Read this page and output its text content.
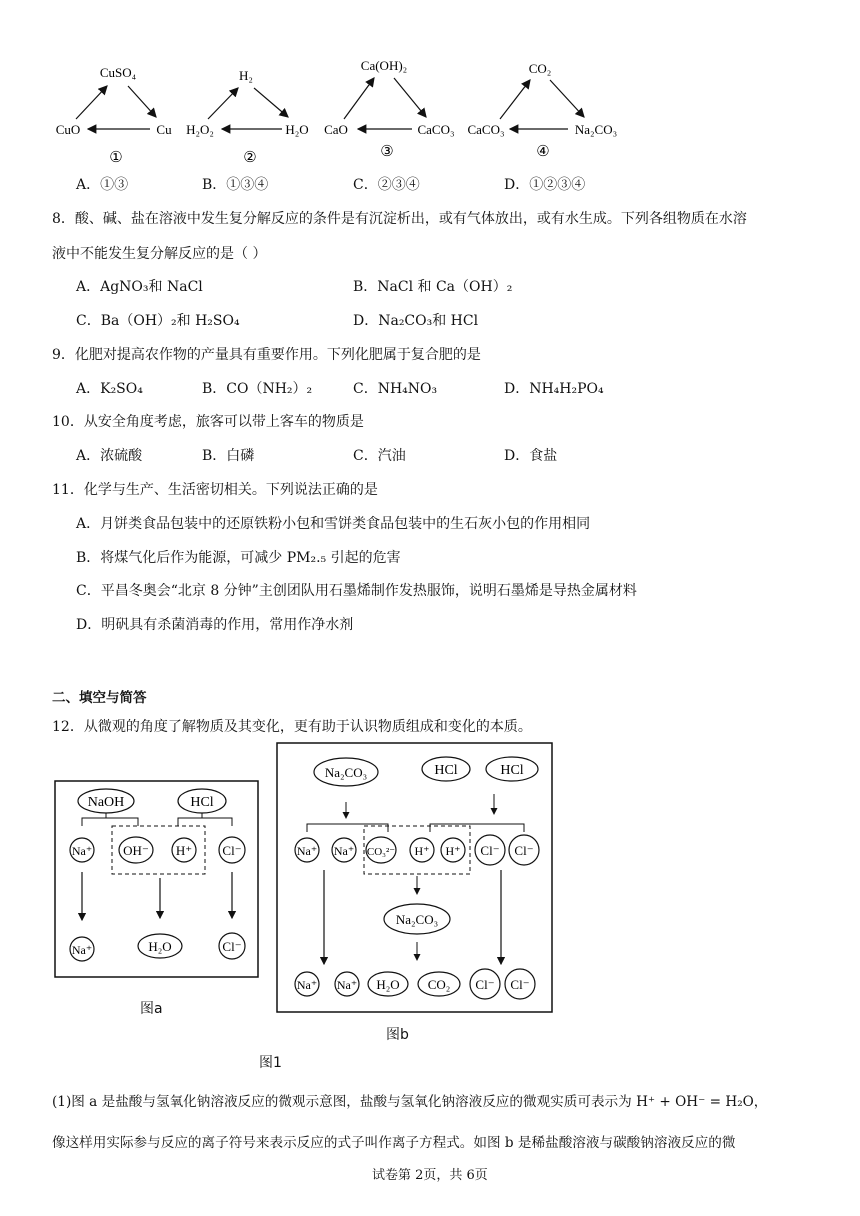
CuSO₄
CuO	Cu
①
H₂
H₂O₂	H₂O
②
Ca(OH)₂
CaO	CaCO₃
③
CO₂
CaCO₃	Na₂CO₃
④
A．①③	B．①③④	C．②③④	D．①②③④
8．酸、碱、盐在溶液中发生复分解反应的条件是有沉淀析出，或有气体放出，或有水生成。下列各组物质在水溶
液中不能发生复分解反应的是（ ）
A．AgNO₃和 NaCl	B．NaCl 和 Ca（OH）₂
C．Ba（OH）₂和 H₂SO₄	D．Na₂CO₃和 HCl
9．化肥对提高农作物的产量具有重要作用。下列化肥属于复合肥的是
A．K₂SO₄	B．CO（NH₂）₂	C．NH₄NO₃	D．NH₄H₂PO₄
10．从安全角度考虑，旅客可以带上客车的物质是
A．浓硫酸	B．白磷	C．汽油	D．食盐
11．化学与生产、生活密切相关。下列说法正确的是
A．月饼类食品包装中的还原铁粉小包和雪饼类食品包装中的生石灰小包的作用相同
B．将煤气化后作为能源，可减少 PM₂.₅ 引起的危害
C．平昌冬奥会“北京 8 分钟”主创团队用石墨烯制作发热服饰，说明石墨烯是导热金属材料
D．明矾具有杀菌消毒的作用，常用作净水剂
二、填空与简答
12．从微观的角度了解物质及其变化，更有助于认识物质组成和变化的本质。
NaOH	HCl
Na⁺ OH⁻ H⁺ Cl⁻
Na⁺	H₂O	Cl⁻
图a
Na₂CO₃	HCl	HCl
Na⁺ Na⁺ CO₃²⁻ H⁺ H⁺ Cl⁻ Cl⁻
Na₂CO₃
Na⁺ Na⁺ H₂O CO₂ Cl⁻ Cl⁻
图b
图1
(1)图 a 是盐酸与氢氧化钠溶液反应的微观示意图，盐酸与氢氧化钠溶液反应的微观实质可表示为 H⁺ + OH⁻ = H₂O，
像这样用实际参与反应的离子符号来表示反应的式子叫作离子方程式。如图 b 是稀盐酸溶液与碳酸钠溶液反应的微
试卷第 2页，共 6页
